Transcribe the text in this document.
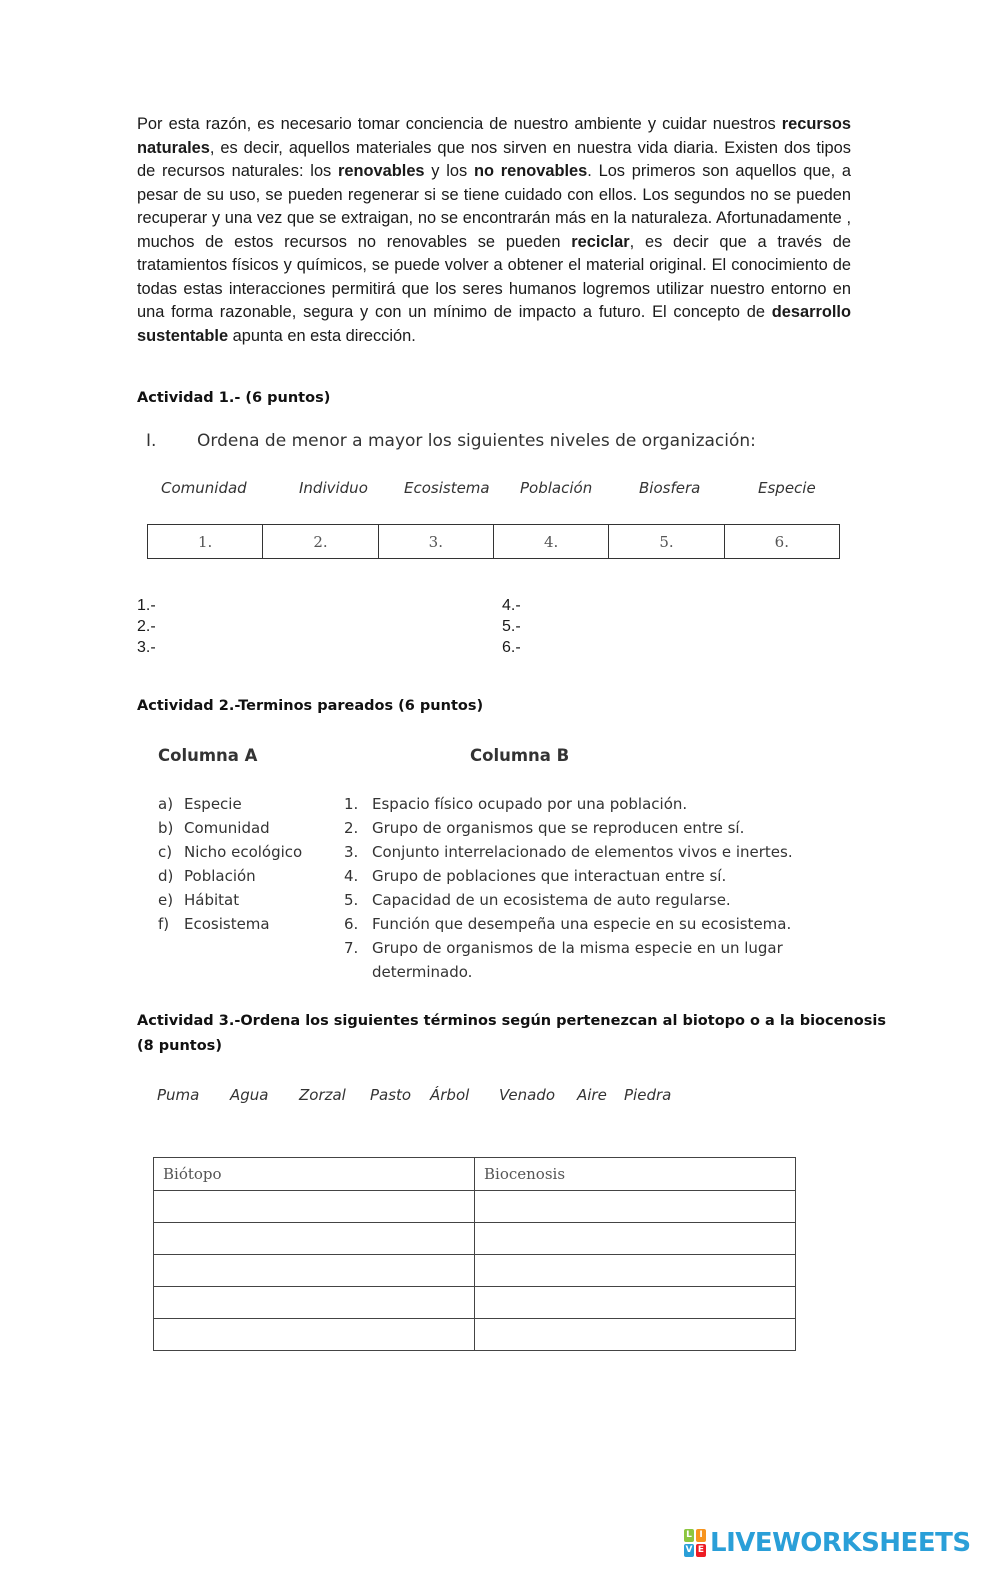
Por esta razón, es necesario tomar conciencia de nuestro ambiente y cuidar nuestros recursos naturales, es decir, aquellos materiales que nos sirven en nuestra vida diaria. Existen dos tipos de recursos naturales: los renovables y los no renovables. Los primeros son aquellos que, a pesar de su uso, se pueden regenerar si se tiene cuidado con ellos. Los segundos no se pueden recuperar y una vez que se extraigan, no se encontrarán más en la naturaleza. Afortunadamente , muchos de estos recursos no renovables se pueden reciclar, es decir que a través de tratamientos físicos y químicos, se puede volver a obtener el material original. El conocimiento de todas estas interacciones permitirá que los seres humanos logremos utilizar nuestro entorno en una forma razonable, segura y con un mínimo de impacto a futuro. El concepto de desarrollo sustentable apunta en esta dirección.

Actividad 1.- (6 puntos)
I. Ordena de menor a mayor los siguientes niveles de organización:
Comunidad	Individuo Ecosistema Población	Biosfera	Especie
1.	2.	3.	4.	5.	6.
1.-
2.-
3.-
4.-
5.-
6.-
Actividad 2.-Terminos pareados (6 puntos)
Columna A	Columna B
a) Especie
b) Comunidad
c) Nicho ecológico
d) Población
e) Hábitat
f) Ecosistema
1. Espacio físico ocupado por una población.
2. Grupo de organismos que se reproducen entre sí.
3. Conjunto interrelacionado de elementos vivos e inertes.
4. Grupo de poblaciones que interactuan entre sí.
5. Capacidad de un ecosistema de auto regularse.
6. Función que desempeña una especie en su ecosistema.
7. Grupo de organismos de la misma especie en un lugar determinado.
Actividad 3.-Ordena los siguientes términos según pertenezcan al biotopo o a la biocenosis
(8 puntos)
Puma Agua Zorzal Pasto Árbol Venado Aire Piedra
Biótopo	Biocenosis

L I
V E LIVEWORKSHEETS
